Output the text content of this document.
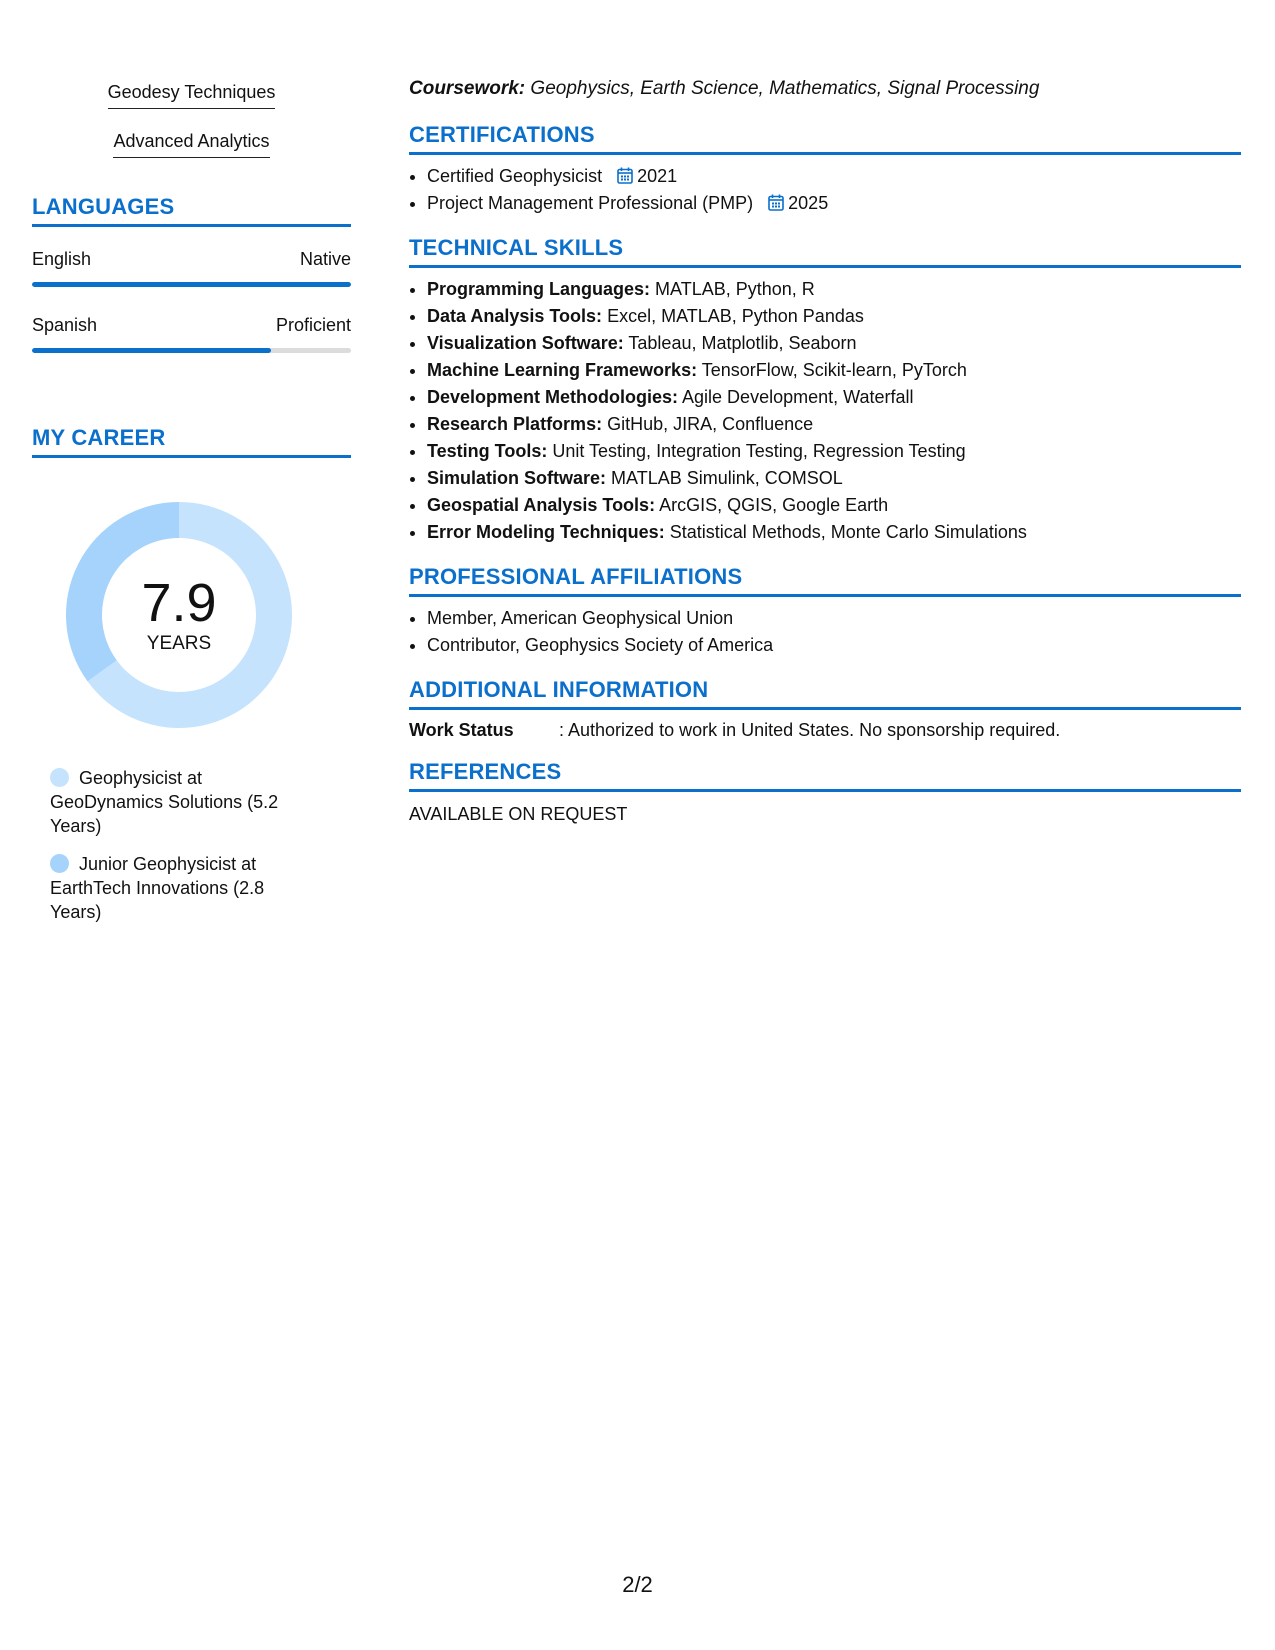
Geodesy Techniques
Advanced Analytics
LANGUAGES
English	Native
Spanish	Proficient
MY CAREER
7.9
YEARS
Geophysicist at GeoDynamics Solutions (5.2 Years)
Junior Geophysicist at EarthTech Innovations (2.8 Years)
Coursework: Geophysics, Earth Science, Mathematics, Signal Processing
CERTIFICATIONS
• Certified Geophysicist 2021
• Project Management Professional (PMP) 2025
TECHNICAL SKILLS
• Programming Languages: MATLAB, Python, R
• Data Analysis Tools: Excel, MATLAB, Python Pandas
• Visualization Software: Tableau, Matplotlib, Seaborn
• Machine Learning Frameworks: TensorFlow, Scikit-learn, PyTorch
• Development Methodologies: Agile Development, Waterfall
• Research Platforms: GitHub, JIRA, Confluence
• Testing Tools: Unit Testing, Integration Testing, Regression Testing
• Simulation Software: MATLAB Simulink, COMSOL
• Geospatial Analysis Tools: ArcGIS, QGIS, Google Earth
• Error Modeling Techniques: Statistical Methods, Monte Carlo Simulations
PROFESSIONAL AFFILIATIONS
• Member, American Geophysical Union
• Contributor, Geophysics Society of America
ADDITIONAL INFORMATION
Work Status	: Authorized to work in United States. No sponsorship required.
REFERENCES
AVAILABLE ON REQUEST
2/2
